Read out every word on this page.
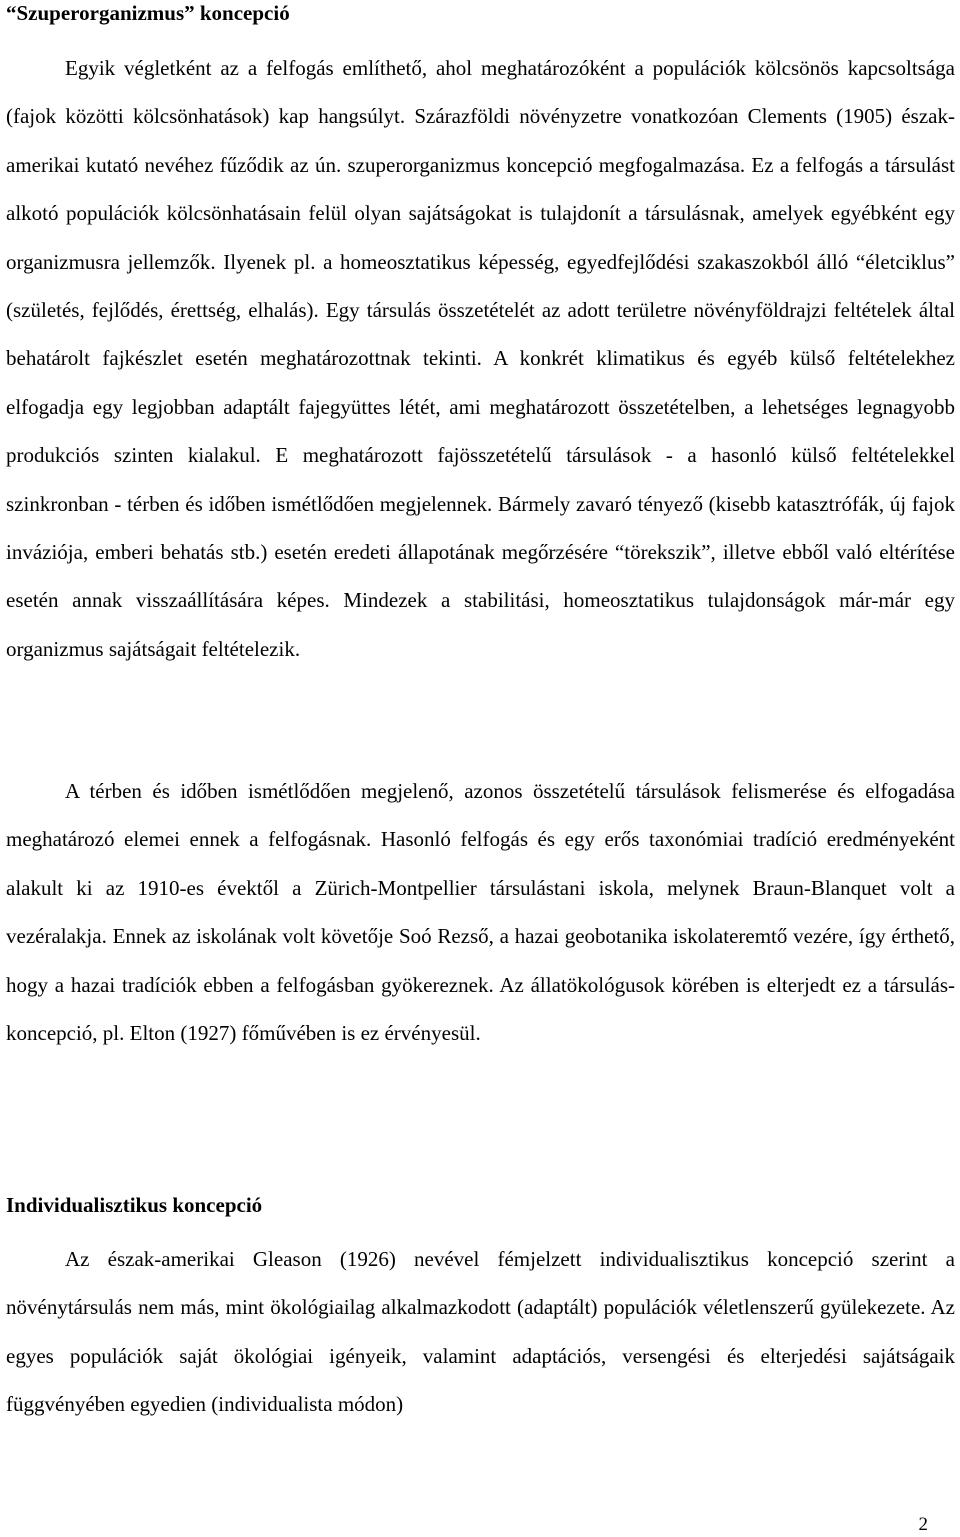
“Szuperorganizmus” koncepció

Egyik végletként az a felfogás említhető, ahol meghatározóként a populációk kölcsönös kapcsoltsága (fajok közötti kölcsönhatások) kap hangsúlyt. Szárazföldi növényzetre vonatkozóan Clements (1905) észak-amerikai kutató nevéhez fűződik az ún. szuperorganizmus koncepció megfogalmazása. Ez a felfogás a társulást alkotó populációk kölcsönhatásain felül olyan sajátságokat is tulajdonít a társulásnak, amelyek egyébként egy organizmusra jellemzők. Ilyenek pl. a homeosztatikus képesség, egyedfejlődési szakaszokból álló “életciklus” (születés, fejlődés, érettség, elhalás). Egy társulás összetételét az adott területre növényföldrajzi feltételek által behatárolt fajkészlet esetén meghatározottnak tekinti. A konkrét klimatikus és egyéb külső feltételekhez elfogadja egy legjobban adaptált fajegyüttes létét, ami meghatározott összetételben, a lehetséges legnagyobb produkciós szinten kialakul. E meghatározott fajösszetételű társulások - a hasonló külső feltételekkel szinkronban - térben és időben ismétlődően megjelennek. Bármely zavaró tényező (kisebb katasztrófák, új fajok inváziója, emberi behatás stb.) esetén eredeti állapotának megőrzésére “törekszik”, illetve ebből való eltérítése esetén annak visszaállítására képes. Mindezek a stabilitási, homeosztatikus tulajdonságok már-már egy organizmus sajátságait feltételezik.

A térben és időben ismétlődően megjelenő, azonos összetételű társulások felismerése és elfogadása meghatározó elemei ennek a felfogásnak. Hasonló felfogás és egy erős taxonómiai tradíció eredményeként alakult ki az 1910-es évektől a Zürich-Montpellier társulástani iskola, melynek Braun-Blanquet volt a vezéralakja. Ennek az iskolának volt követője Soó Rezső, a hazai geobotanika iskolateremtő vezére, így érthető, hogy a hazai tradíciók ebben a felfogásban gyökereznek. Az állatökológusok körében is elterjedt ez a társulás-koncepció, pl. Elton (1927) főművében is ez érvényesül.

Individualisztikus koncepció

Az észak-amerikai Gleason (1926) nevével fémjelzett individualisztikus koncepció szerint a növénytársulás nem más, mint ökológiailag alkalmazkodott (adaptált) populációk véletlenszerű gyülekezete. Az egyes populációk saját ökológiai igényeik, valamint adaptációs, versengési és elterjedési sajátságaik függvényében egyedien (individualista módon)

2
